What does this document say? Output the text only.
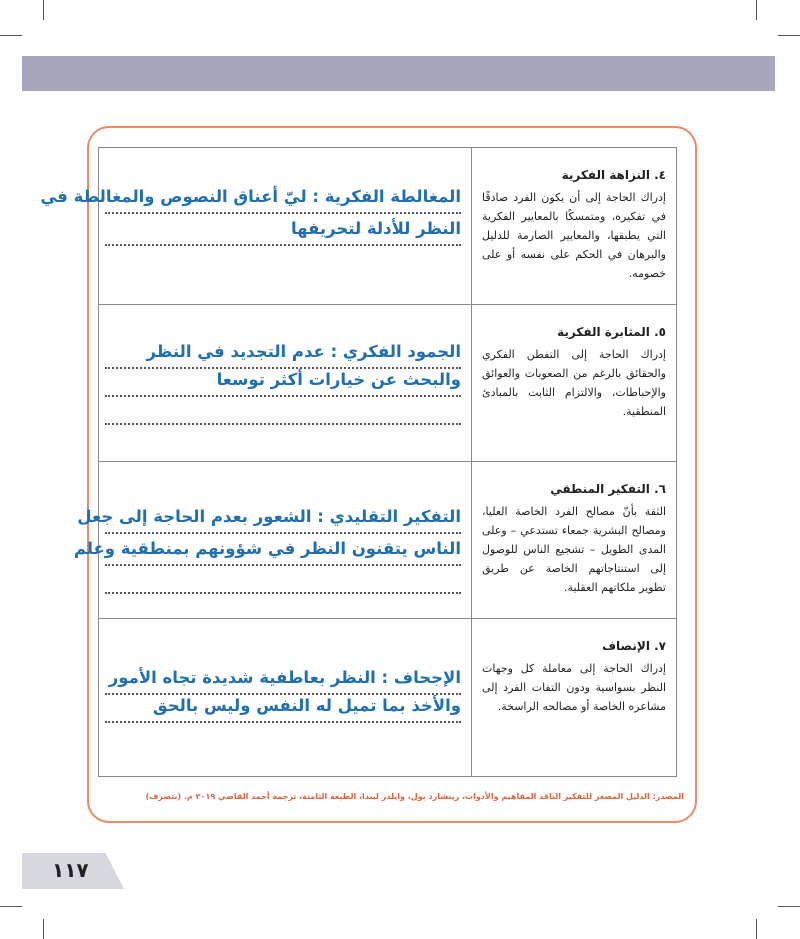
٤. النزاهة الفكرية
إدراك الحاجة إلى أن يكون الفرد صادقًا في تفكيره، ومتمسكًا بالمعايير الفكرية التي يطبقها، والمعايير الصارمة للدليل والبرهان في الحكم على نفسه أو على خصومه.
المغالطة الفكرية : ليّ أعناق النصوص والمغالطة في
النظر للأدلة لتحريفها
٥. المثابرة الفكرية
إدراك الحاجة إلى التفطن الفكري والحقائق بالرغم من الصعوبات والعوائق والإحباطات، والالتزام الثابت بالمبادئ المنطقية.
الجمود الفكري : عدم التجديد في النظر
والبحث عن خيارات أكثر توسعا
٦. التفكير المنطقي
الثقة بأنّ مصالح الفرد الخاصة العليا، ومصالح البشرية جمعاء تستدعي – وعلى المدى الطويل – تشجيع الناس للوصول إلى استنتاجاتهم الخاصة عن طريق تطوير ملكاتهم العقلية.
التفكير التقليدي : الشعور بعدم الحاجة إلى جعل
الناس يتقنون النظر في شؤونهم بمنطقية وعلم
٧. الإنصاف
إدراك الحاجة إلى معاملة كل وجهات النظر بسواسية ودون التفات الفرد إلى مشاعره الخاصة أو مصالحه الراسخة.
الإجحاف : النظر بعاطفية شديدة تجاه الأمور
والأخذ بما تميل له النفس وليس بالحق
المصدر: الدليل المصغر للتفكير الناقد المفاهيم والأدوات، ريتشارد بول، وايلدر ليندا، الطبعة الثامنة، ترجمة أحمد القاضي ٢٠١٩ م. (بتصرف)
١١٧
